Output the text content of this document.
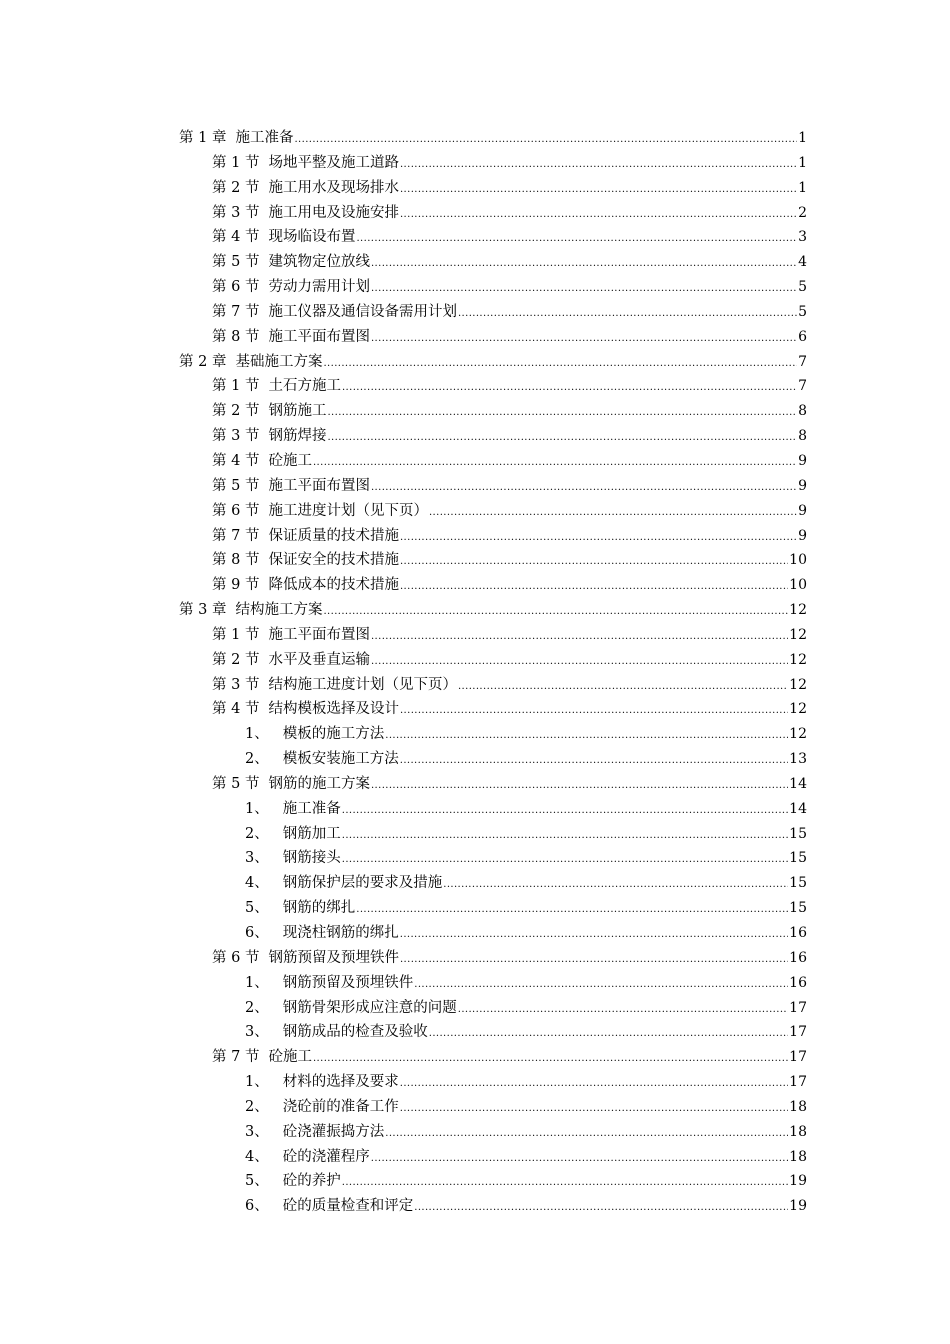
第 1 章 施工准备 .....	1
第 1 节 场地平整及施工道路 .....	1
第 2 节 施工用水及现场排水 .....	1
第 3 节 施工用电及设施安排 .....	2
第 4 节 现场临设布置 .....	3
第 5 节 建筑物定位放线 .....	4
第 6 节 劳动力需用计划 .....	5
第 7 节 施工仪器及通信设备需用计划 .....	5
第 8 节 施工平面布置图 .....	6
第 2 章 基础施工方案 .....	7
第 1 节 土石方施工 .....	7
第 2 节 钢筋施工 .....	8
第 3 节 钢筋焊接 .....	8
第 4 节 砼施工 .....	9
第 5 节 施工平面布置图 .....	9
第 6 节 施工进度计划（见下页） .....	9
第 7 节 保证质量的技术措施 .....	9
第 8 节 保证安全的技术措施 .....	10
第 9 节 降低成本的技术措施 .....	10
第 3 章 结构施工方案 .....	12
第 1 节 施工平面布置图 .....	12
第 2 节 水平及垂直运输 .....	12
第 3 节 结构施工进度计划（见下页） .....	12
第 4 节 结构模板选择及设计 .....	12
1、 模板的施工方法 .....	12
2、 模板安装施工方法 .....	13
第 5 节 钢筋的施工方案 .....	14
1、 施工准备 .....	14
2、 钢筋加工 .....	15
3、 钢筋接头 .....	15
4、 钢筋保护层的要求及措施 .....	15
5、 钢筋的绑扎 .....	15
6、 现浇柱钢筋的绑扎 .....	16
第 6 节 钢筋预留及预埋铁件 .....	16
1、 钢筋预留及预埋铁件 .....	16
2、 钢筋骨架形成应注意的问题 .....	17
3、 钢筋成品的检查及验收 .....	17
第 7 节 砼施工 .....	17
1、 材料的选择及要求 .....	17
2、 浇砼前的准备工作 .....	18
3、 砼浇灌振捣方法 .....	18
4、 砼的浇灌程序 .....	18
5、 砼的养护 .....	19
6、 砼的质量检查和评定 .....	19
